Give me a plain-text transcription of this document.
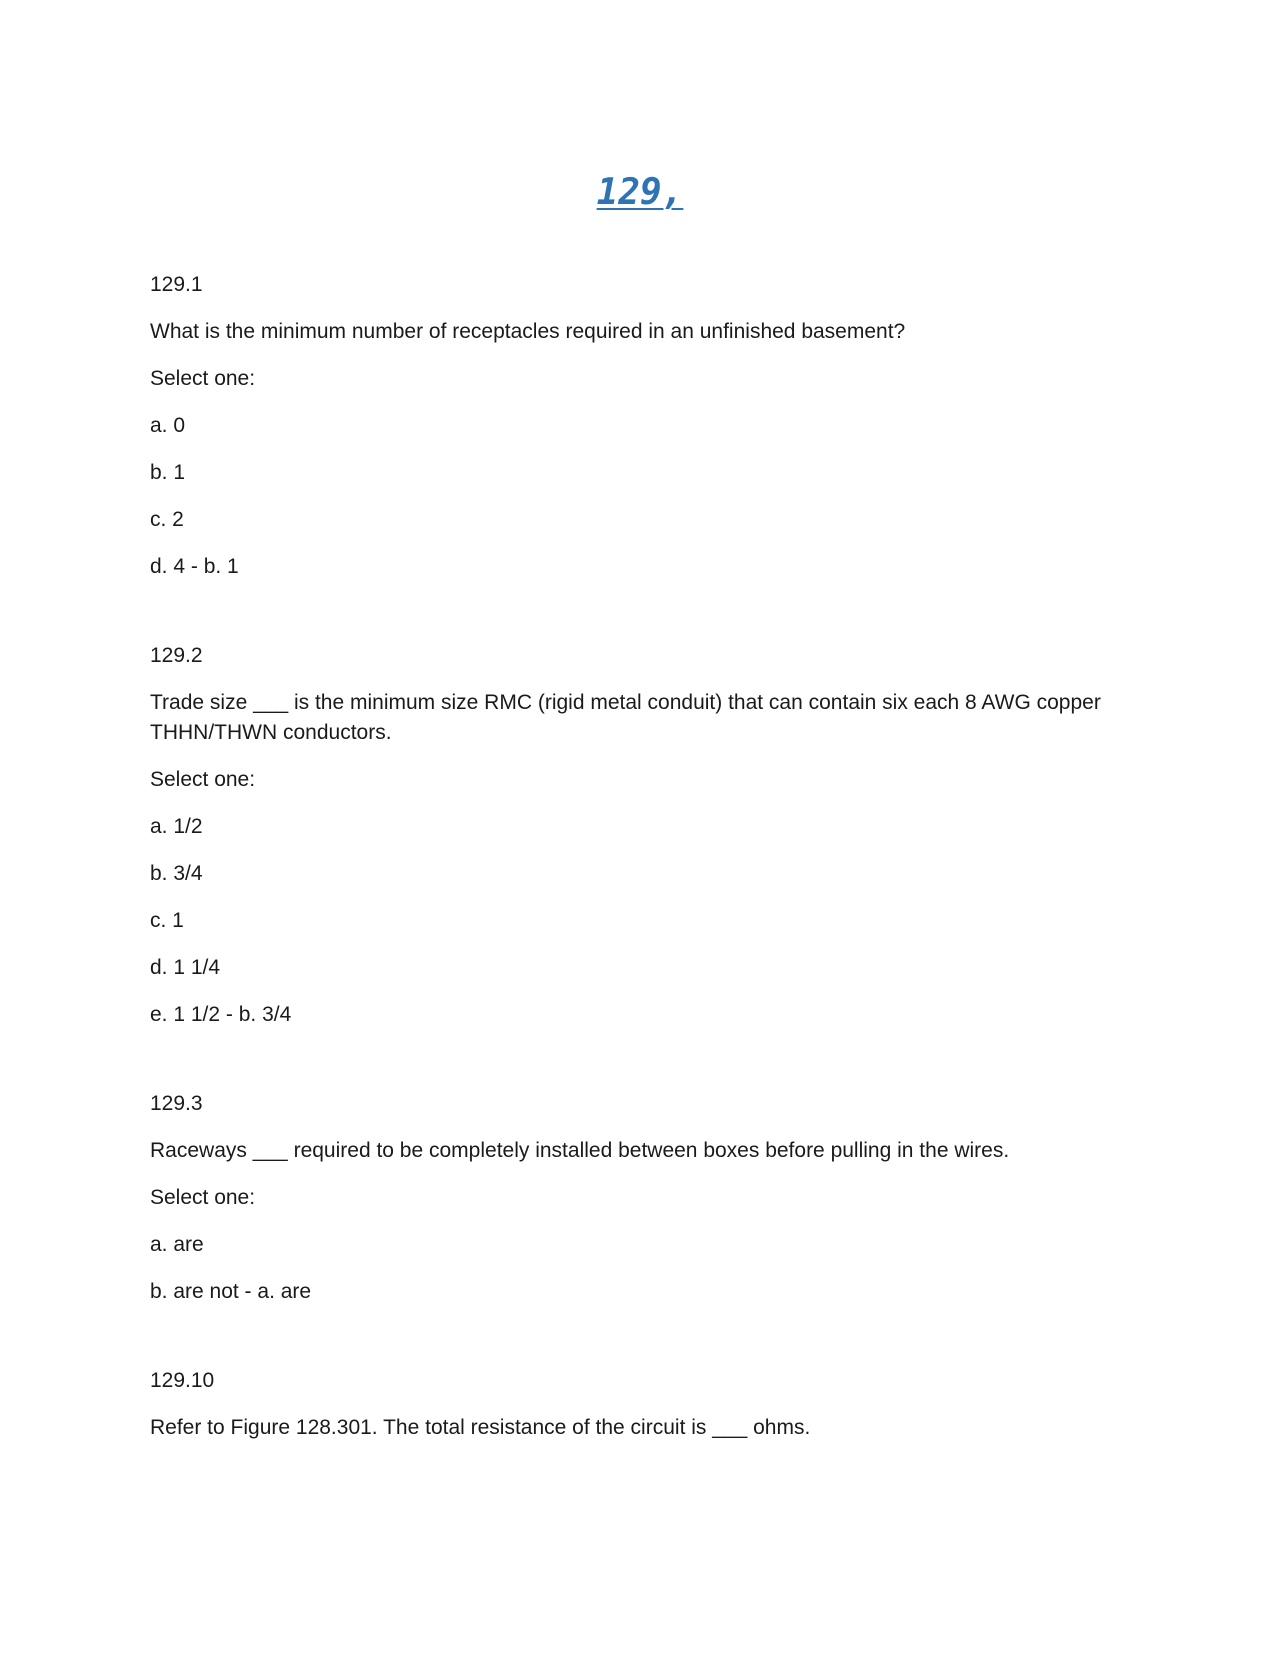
129,

129.1

What is the minimum number of receptacles required in an unfinished basement?

Select one:

a. 0

b. 1

c. 2

d. 4 - b. 1

129.2

Trade size ___ is the minimum size RMC (rigid metal conduit) that can contain six each 8 AWG copper THHN/THWN conductors.

Select one:

a. 1/2

b. 3/4

c. 1

d. 1 1/4

e. 1 1/2 - b. 3/4

129.3

Raceways ___ required to be completely installed between boxes before pulling in the wires.

Select one:

a. are

b. are not - a. are

129.10

Refer to Figure 128.301. The total resistance of the circuit is ___ ohms.
